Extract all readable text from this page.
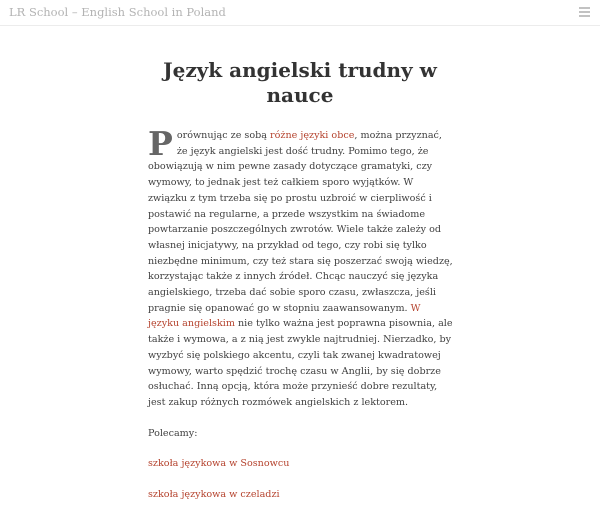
LR School – English School in Poland
Język angielski trudny w nauce

Porównując ze sobą różne języki obce, można przyznać, że język angielski jest dość trudny. Pomimo tego, że obowiązują w nim pewne zasady dotyczące gramatyki, czy wymowy, to jednak jest też całkiem sporo wyjątków. W związku z tym trzeba się po prostu uzbroić w cierpliwość i postawić na regularne, a przede wszystkim na świadome powtarzanie poszczególnych zwrotów. Wiele także zależy od własnej inicjatywy, na przykład od tego, czy robi się tylko niezbędne minimum, czy też stara się poszerzać swoją wiedzę, korzystając także z innych źródeł. Chcąc nauczyć się języka angielskiego, trzeba dać sobie sporo czasu, zwłaszcza, jeśli pragnie się opanować go w stopniu zaawansowanym. W języku angielskim nie tylko ważna jest poprawna pisownia, ale także i wymowa, a z nią jest zwykle najtrudniej. Nierzadko, by wyzbyć się polskiego akcentu, czyli tak zwanej kwadratowej wymowy, warto spędzić trochę czasu w Anglii, by się dobrze osłuchać. Inną opcją, która może przynieść dobre rezultaty, jest zakup różnych rozmówek angielskich z lektorem.

Polecamy:

szkoła językowa w Sosnowcu

szkoła językowa w czeladzi
